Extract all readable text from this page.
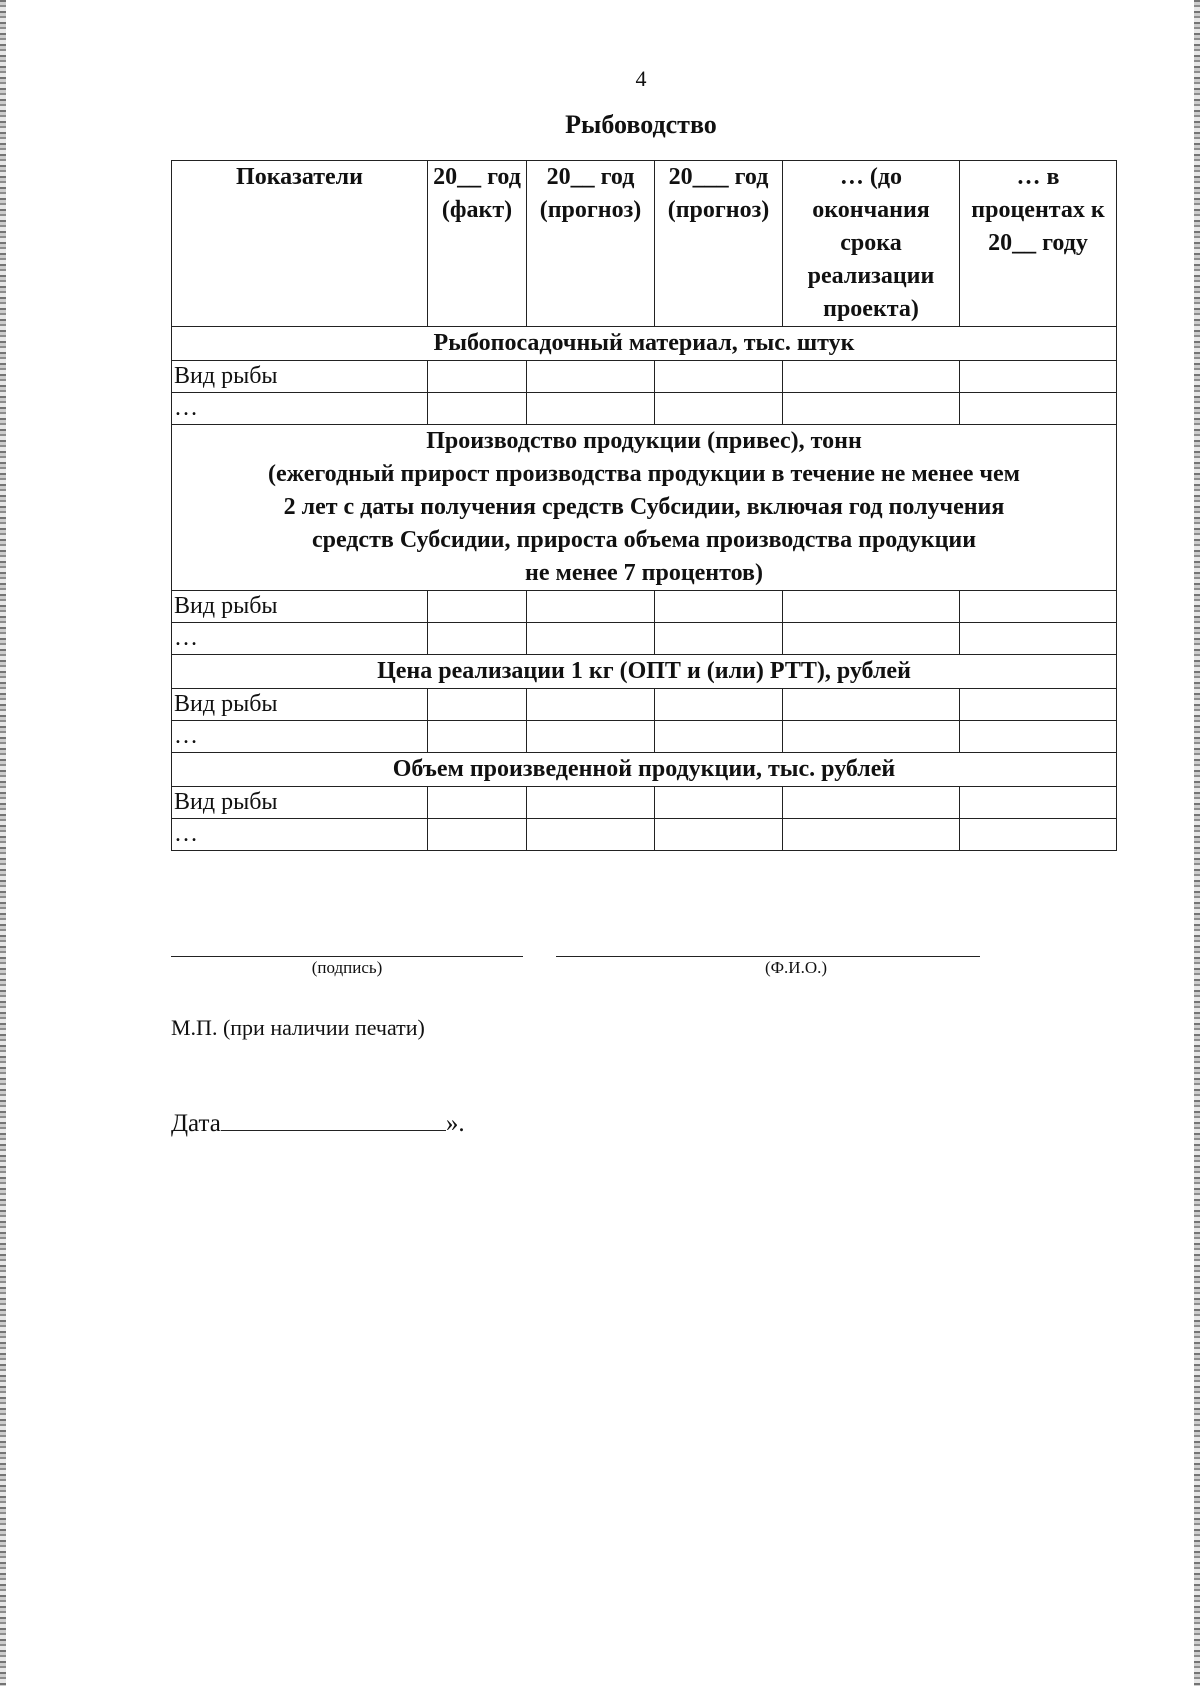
4
Рыбоводство
Показатели	20__ год (факт)	20__ год (прогноз)	20___ год (прогноз)	… (до окончания срока реализации проекта)	… в процентах к 20__ году
Рыбопосадочный материал, тыс. штук					
Вид рыбы					
…					

Производство продукции (привес), тонн
(ежегодный прирост производства продукции в течение не менее чем
2 лет с даты получения средств Субсидии, включая год получения
средств Субсидии, прироста объема производства продукции
не менее 7 процентов)					

Вид рыбы					
…					
Цена реализации 1 кг (ОПТ и (или) РТТ), рублей					
Вид рыбы					
…					
Объем произведенной продукции, тыс. рублей					
Вид рыбы					
…					
(подпись)	(Ф.И.О.)
М.П. (при наличии печати)
Дата	».
